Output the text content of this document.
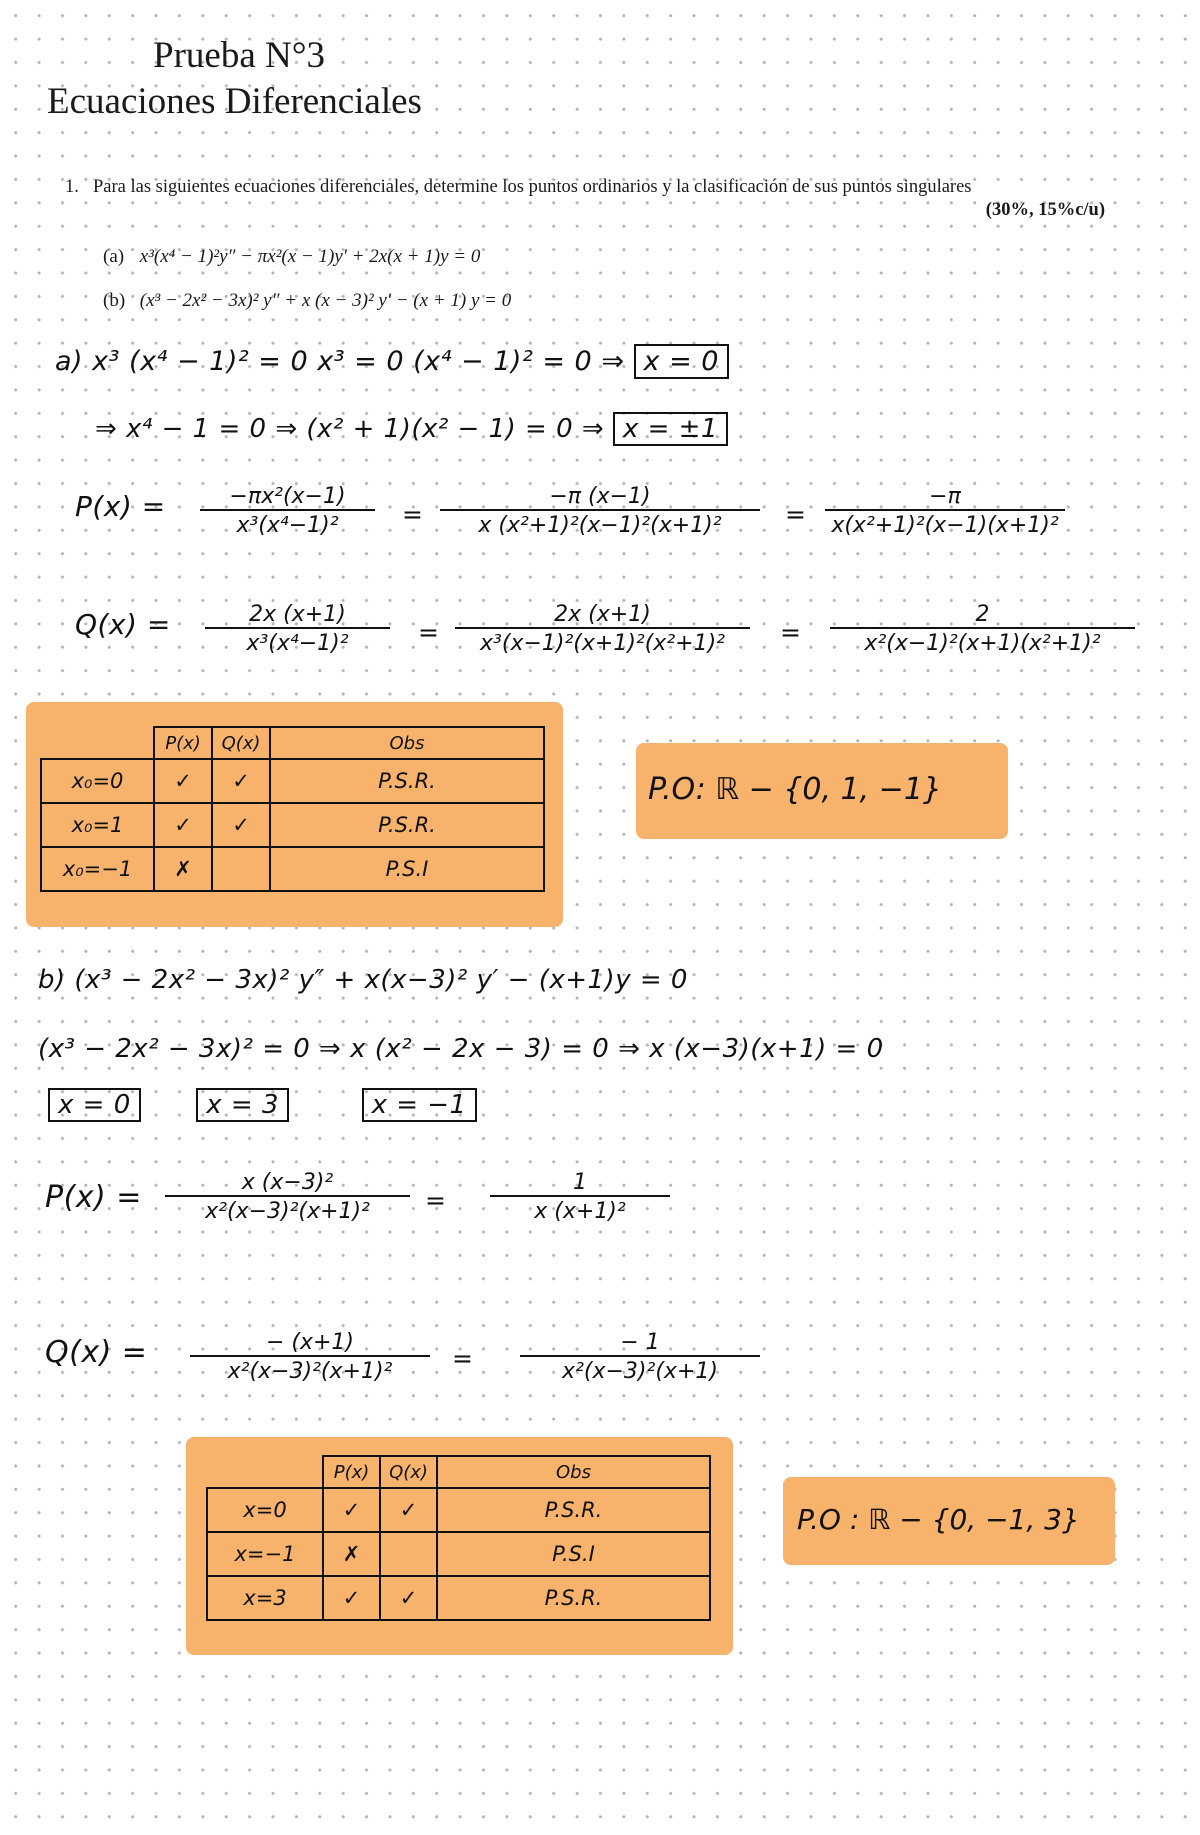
Prueba N°3
Ecuaciones Diferenciales
1. Para las siguientes ecuaciones diferenciales, determine los puntos ordinarios y la clasificación de sus puntos singulares
(30%, 15%c/u)
(a) x³(x⁴ − 1)²y″ − πx²(x − 1)y′ + 2x(x + 1)y = 0
(b) (x³ − 2x² − 3x)² y″ + x (x − 3)² y′ − (x + 1) y = 0
a) x³ (x⁴ − 1)² = 0 x³ = 0 (x⁴ − 1)² = 0 ⇒ x = 0
⇒ x⁴ − 1 = 0 ⇒ (x² + 1)(x² − 1) = 0 ⇒ x = ±1
$P(x) = \frac{\text{−πx²(x−1)}}{\text{x³(x⁴−1)²}} = \frac{-\pi (x-1)}{\text{x (x²+1)²(x−1)²(x+1)²}} = \frac{-\pi}{\text{x(x²+1)²(x−1)(x+1)²}}$
$Q(x) = \frac{2x (x+1)}{\text{x³(x⁴−1)²}} = \frac{2x (x+1)}{\text{x³(x−1)²(x+1)²(x²+1)²}} = \frac{2}{\text{x²(x−1)²(x+1)(x²+1)²}}$
	P(x)	Q(x)	Obs
x₀=0	✓	✓	P.S.R.
x₀=1	✓	✓	P.S.R.
x₀=−1	✗		P.S.I
P.O: ℝ − {0, 1, −1}
b) (x³ − 2x² − 3x)² y″ + x(x−3)² y′ − (x+1)y = 0
(x³ − 2x² − 3x)² = 0 ⇒ x (x² − 2x − 3) = 0 ⇒ x (x−3)(x+1) = 0
x = 0	x = 3	x = −1
$P(x) = \frac{\text{x (x−3)²}}{\text{x²(x−3)²(x+1)²}} = \frac{1}{\text{x (x+1)²}}$
$Q(x) = \frac{- (x+1)}{\text{x²(x−3)²(x+1)²}} = \frac{- 1}{\text{x²(x−3)²(x+1)}}$
	P(x)	Q(x)	Obs
x=0	✓	✓	P.S.R.
x=−1	✗		P.S.I
x=3	✓	✓	P.S.R.
P.O : ℝ − {0, −1, 3}
